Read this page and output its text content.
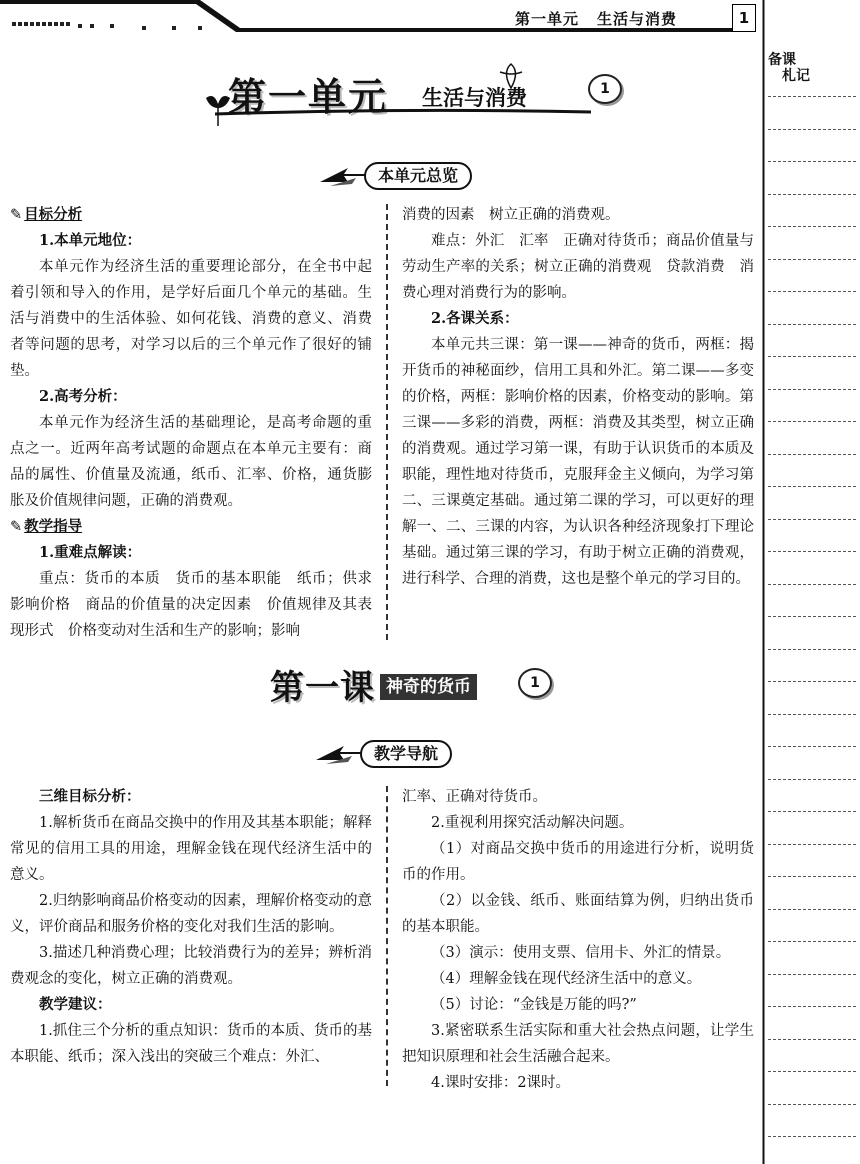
第一单元 生活与消费	1
备课
札记
第一单元 生活与消费	1
本单元总览

✎ 目标分析

1.本单元地位：

本单元作为经济生活的重要理论部分，在全书中起着引领和导入的作用，是学好后面几个单元的基础。生活与消费中的生活体验、如何花钱、消费的意义、消费者等问题的思考，对学习以后的三个单元作了很好的铺垫。

2.高考分析：

本单元作为经济生活的基础理论，是高考命题的重点之一。近两年高考试题的命题点在本单元主要有：商品的属性、价值量及流通，纸币、汇率、价格，通货膨胀及价值规律问题，正确的消费观。

✎ 教学指导

1.重难点解读：

重点：货币的本质　货币的基本职能　纸币；供求影响价格　商品的价值量的决定因素　价值规律及其表现形式　价格变动对生活和生产的影响；影响

消费的因素　树立正确的消费观。

难点：外汇　汇率　正确对待货币；商品价值量与劳动生产率的关系；树立正确的消费观　贷款消费　消费心理对消费行为的影响。

2.各课关系：

本单元共三课：第一课——神奇的货币，两框：揭开货币的神秘面纱，信用工具和外汇。第二课——多变的价格，两框：影响价格的因素，价格变动的影响。第三课——多彩的消费，两框：消费及其类型，树立正确的消费观。通过学习第一课，有助于认识货币的本质及职能，理性地对待货币，克服拜金主义倾向，为学习第二、三课奠定基础。通过第二课的学习，可以更好的理解一、二、三课的内容，为认识各种经济现象打下理论基础。通过第三课的学习，有助于树立正确的消费观，进行科学、合理的消费，这也是整个单元的学习目的。

第一课 神奇的货币	1
教学导航

三维目标分析：

1.解析货币在商品交换中的作用及其基本职能；解释常见的信用工具的用途，理解金钱在现代经济生活中的意义。

2.归纳影响商品价格变动的因素，理解价格变动的意义，评价商品和服务价格的变化对我们生活的影响。

3.描述几种消费心理；比较消费行为的差异；辨析消费观念的变化，树立正确的消费观。

教学建议：

1.抓住三个分析的重点知识：货币的本质、货币的基本职能、纸币；深入浅出的突破三个难点：外汇、

汇率、正确对待货币。

2.重视利用探究活动解决问题。

（1）对商品交换中货币的用途进行分析，说明货币的作用。

（2）以金钱、纸币、账面结算为例，归纳出货币的基本职能。

（3）演示：使用支票、信用卡、外汇的情景。

（4）理解金钱在现代经济生活中的意义。

（5）讨论：“金钱是万能的吗?”

3.紧密联系生活实际和重大社会热点问题，让学生把知识原理和社会生活融合起来。

4.课时安排：2课时。
